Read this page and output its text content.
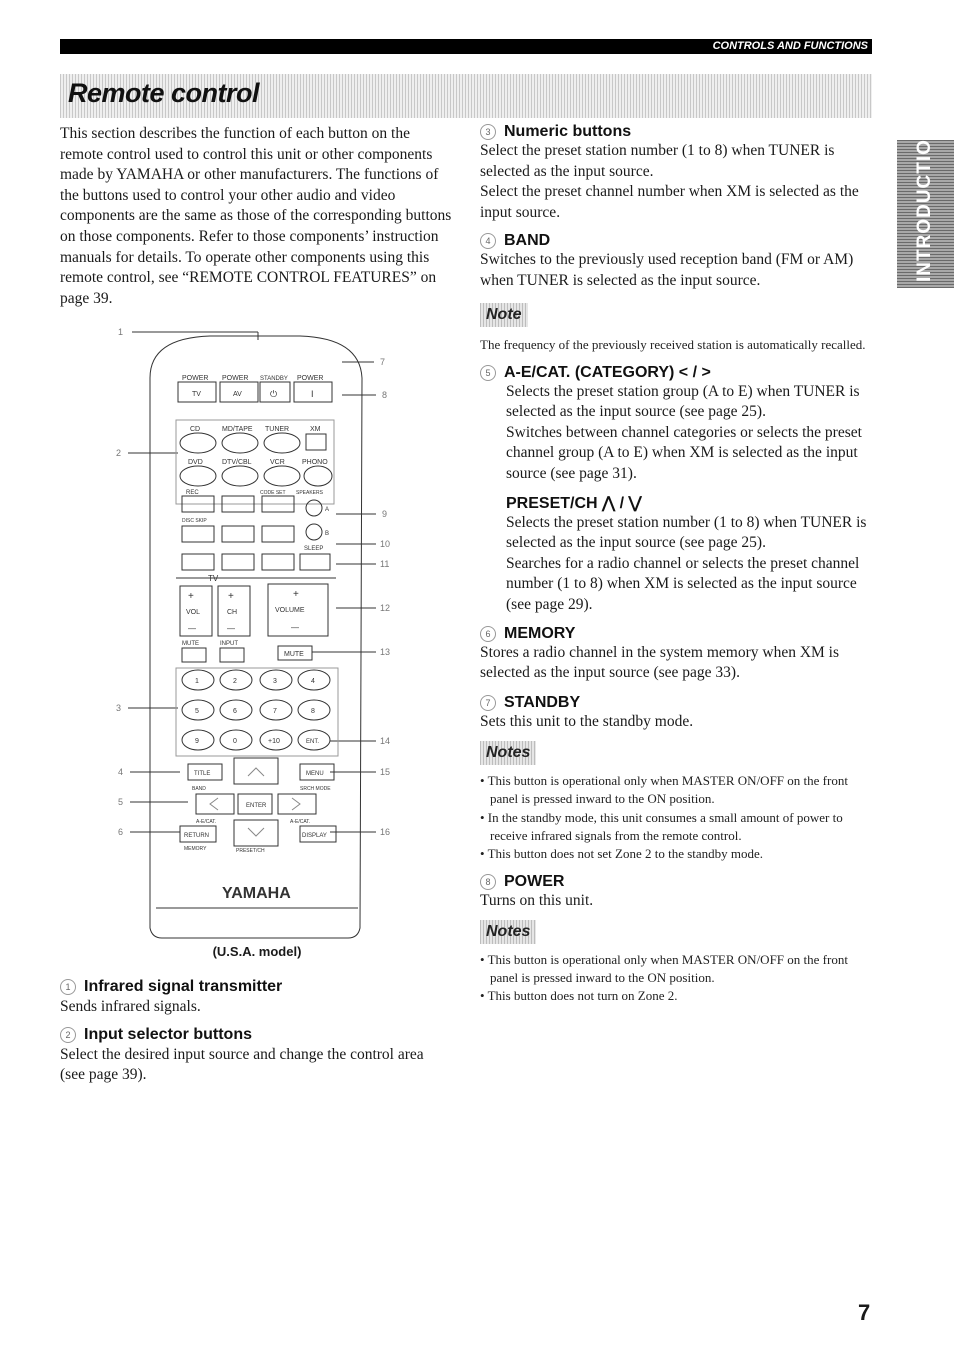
CONTROLS AND FUNCTIONS
Remote control
INTRODUCTION
This section describes the function of each button on the remote control used to control this unit or other components made by YAMAHA or other manufacturers. The functions of the buttons used to control your other audio and video components are the same as those of the corresponding buttons on those components. Refer to those components’ instruction manuals for details. To operate other components using this remote control, see “REMOTE CONTROL FEATURES” on page 39.
POWER POWER STANDBY POWER
TV	AV	⏻	I
CD	MD/TAPE TUNER	XM
DVD	DTV/CBL	VCR PHONO
REC	CODE SET SPEAKERS
DISC SKIP
A
B
SLEEP
TV
+	+	+
VOL	CH	VOLUME
—	—	—
MUTE	INPUT
MUTE
1	2	3	4
5	6	7	8
9	0	+10	ENT.
TITLE	MENU
BAND	SRCH MODE
ENTER
A-E/CAT.	A-E/CAT.
RETURN	DISPLAY
MEMORY	PRESET/CH
YAMAHA
1
2
3
4
5
6
7
8
9
10
11
12
13
14
15
16
(U.S.A. model)
1 Infrared signal transmitter
Sends infrared signals.
2 Input selector buttons
Select the desired input source and change the control area (see page 39).
3 Numeric buttons
Select the preset station number (1 to 8) when TUNER is selected as the input source.
Select the preset channel number when XM is selected as the input source.
4 BAND
Switches to the previously used reception band (FM or AM) when TUNER is selected as the input source.
Note
The frequency of the previously received station is automatically recalled.
5 A-E/CAT. (CATEGORY) < / >
Selects the preset station group (A to E) when TUNER is selected as the input source (see page 25).
Switches between channel categories or selects the preset channel group (A to E) when XM is selected as the input source (see page 31).
PRESET/CH ⋀ / ⋁
Selects the preset station number (1 to 8) when TUNER is selected as the input source (see page 25).
Searches for a radio channel or selects the preset channel number (1 to 8) when XM is selected as the input source (see page 29).
6 MEMORY
Stores a radio channel in the system memory when XM is selected as the input source (see page 33).
7 STANDBY
Sets this unit to the standby mode.
Notes
• This button is operational only when MASTER ON/OFF on the front panel is pressed inward to the ON position.
• In the standby mode, this unit consumes a small amount of power to receive infrared signals from the remote control.
• This button does not set Zone 2 to the standby mode.
8 POWER
Turns on this unit.
Notes
• This button is operational only when MASTER ON/OFF on the front panel is pressed inward to the ON position.
• This button does not turn on Zone 2.
7
